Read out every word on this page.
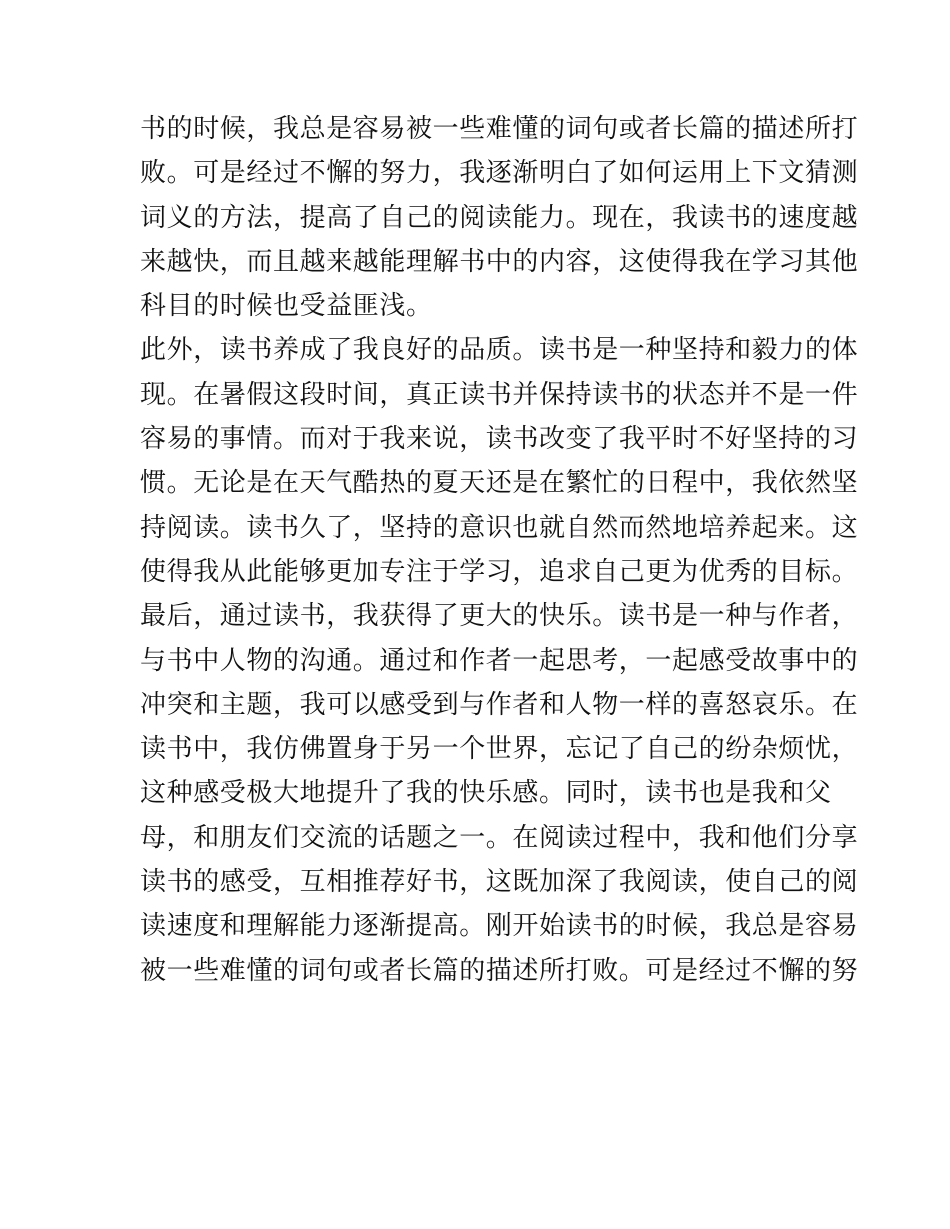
书的时候，我总是容易被一些难懂的词句或者长篇的描述所打
败。可是经过不懈的努力，我逐渐明白了如何运用上下文猜测
词义的方法，提高了自己的阅读能力。现在，我读书的速度越
来越快，而且越来越能理解书中的内容，这使得我在学习其他
科目的时候也受益匪浅。
此外，读书养成了我良好的品质。读书是一种坚持和毅力的体
现。在暑假这段时间，真正读书并保持读书的状态并不是一件
容易的事情。而对于我来说，读书改变了我平时不好坚持的习
惯。无论是在天气酷热的夏天还是在繁忙的日程中，我依然坚
持阅读。读书久了，坚持的意识也就自然而然地培养起来。这
使得我从此能够更加专注于学习，追求自己更为优秀的目标。
最后，通过读书，我获得了更大的快乐。读书是一种与作者，
与书中人物的沟通。通过和作者一起思考，一起感受故事中的
冲突和主题，我可以感受到与作者和人物一样的喜怒哀乐。在
读书中，我仿佛置身于另一个世界，忘记了自己的纷杂烦忧，
这种感受极大地提升了我的快乐感。同时，读书也是我和父
母，和朋友们交流的话题之一。在阅读过程中，我和他们分享
读书的感受，互相推荐好书，这既加深了我阅读，使自己的阅
读速度和理解能力逐渐提高。刚开始读书的时候，我总是容易
被一些难懂的词句或者长篇的描述所打败。可是经过不懈的努
